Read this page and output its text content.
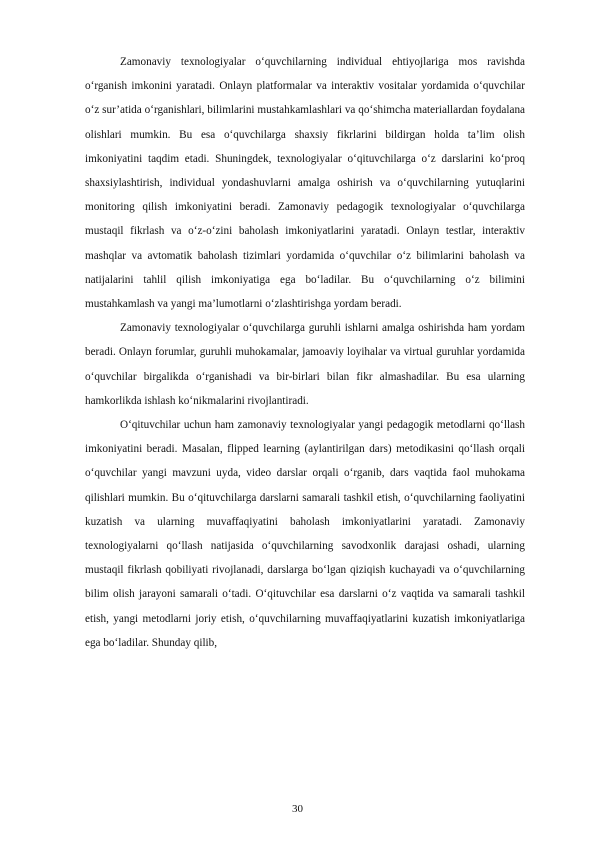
Zamonaviy texnologiyalar o‘quvchilarning individual ehtiyojlariga mos ravishda o‘rganish imkonini yaratadi. Onlayn platformalar va interaktiv vositalar yordamida o‘quvchilar o‘z sur’atida o‘rganishlari, bilimlarini mustahkamlashlari va qo‘shimcha materiallardan foydalana olishlari mumkin. Bu esa o‘quvchilarga shaxsiy fikrlarini bildirgan holda ta’lim olish imkoniyatini taqdim etadi. Shuningdek, texnologiyalar o‘qituvchilarga o‘z darslarini ko‘proq shaxsiylashtirish, individual yondashuvlarni amalga oshirish va o‘quvchilarning yutuqlarini monitoring qilish imkoniyatini beradi. Zamonaviy pedagogik texnologiyalar o‘quvchilarga mustaqil fikrlash va o‘z-o‘zini baholash imkoniyatlarini yaratadi. Onlayn testlar, interaktiv mashqlar va avtomatik baholash tizimlari yordamida o‘quvchilar o‘z bilimlarini baholash va natijalarini tahlil qilish imkoniyatiga ega bo‘ladilar. Bu o‘quvchilarning o‘z bilimini mustahkamlash va yangi ma’lumotlarni o‘zlashtirishga yordam beradi.

Zamonaviy texnologiyalar o‘quvchilarga guruhli ishlarni amalga oshirishda ham yordam beradi. Onlayn forumlar, guruhli muhokamalar, jamoaviy loyihalar va virtual guruhlar yordamida o‘quvchilar birgalikda o‘rganishadi va bir-birlari bilan fikr almashadilar. Bu esa ularning hamkorlikda ishlash ko‘nikmalarini rivojlantiradi.

O‘qituvchilar uchun ham zamonaviy texnologiyalar yangi pedagogik metodlarni qo‘llash imkoniyatini beradi. Masalan, flipped learning (aylantirilgan dars) metodikasini qo‘llash orqali o‘quvchilar yangi mavzuni uyda, video darslar orqali o‘rganib, dars vaqtida faol muhokama qilishlari mumkin. Bu o‘qituvchilarga darslarni samarali tashkil etish, o‘quvchilarning faoliyatini kuzatish va ularning muvaffaqiyatini baholash imkoniyatlarini yaratadi. Zamonaviy texnologiyalarni qo‘llash natijasida o‘quvchilarning savodxonlik darajasi oshadi, ularning mustaqil fikrlash qobiliyati rivojlanadi, darslarga bo‘lgan qiziqish kuchayadi va o‘quvchilarning bilim olish jarayoni samarali o‘tadi. O‘qituvchilar esa darslarni o‘z vaqtida va samarali tashkil etish, yangi metodlarni joriy etish, o‘quvchilarning muvaffaqiyatlarini kuzatish imkoniyatlariga ega bo‘ladilar. Shunday qilib,

30
